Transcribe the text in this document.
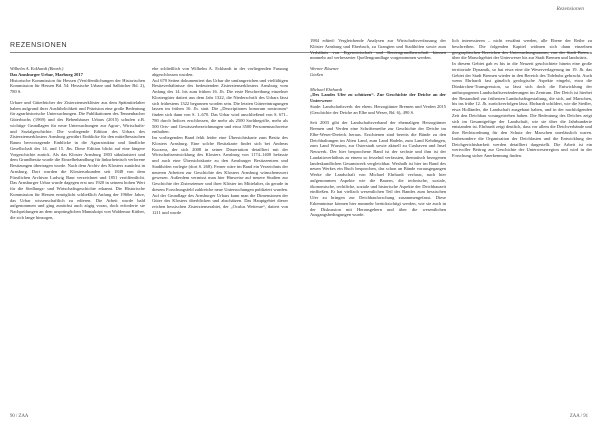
Rezensionen
REZENSIONEN
Wilhelm A. Eckhardt (Bearb.)
Das Amsburger Urbar, Marburg 2017
Historische Kommission für Hessen (Veröffentlichungen der Historischen Kommission für Hessen Bd. 54: Hessische Urbare und Salbücher Bd. 2), 780 S.
Urbare und Güterbücher der Zisterzienserklöster aus dem Spätmittelalter haben aufgrund ihrer Ausführlichkeit und Präzision eine große Bedeutung für agrarhistorische Untersuchungen. Die Publikationen des Tennenbacher Güterbuchs (1969) und des Bebenhäuser Urbars (2015) schufen z.B. wichtige Grundlagen für neue Untersuchungen zur Agrar-, Wirtschafts- und Sozialgeschichte. Die vorliegende Edition des Urbars des Zisterzienserklosters Arnsburg gewährt Einblicke für den mittelhessischen Raum bervorragende Einblicke in die Agrarstruktur und ländliche Gesellschaft des 14. und 15. Jhs. Diese Edition blickt auf eine längere Vorgeschichte zurück. Als das Kloster Arnsburg 1803 säkularisiert und dem Grundbesitz wurde die Einzelbehandlung für linksrheinisch verlorene Besitzungen übertragen wurde. Nach dem Archiv des Klosters zunächst in Arnsburg. Dort wurden die Klosterurkunden seit 1848 von dem Fürstlichen Archivar Ludwig Baur verzeichnet und 1851 veröffentlicht. Das Arnsburger Urbar wurde dagegen erst um 1920 in seinem hohen Wert für die Siedlungs- und Wirtschaftsgeschichte erkannt. Die Historische Kommission für Hessen ermöglicht schließlich Anfang der 1960er Jahre, das Urbar wissenschaftlich zu edieren. Die Arbeit wurde bald aufgenommen und ging zunächst auch zügig voran, doch erforderte sie Nachprüfungen an dem ursprünglichen Manuskript von Waldemar Küther, die sich lange hinzogen,
ehe schließlich von Wilhelm A. Eckhardt in der vorliegenden Fassung abgeschlossen wurden.
Auf 670 Seiten dokumentiert das Urbar die umfangreichen und vielfältigen Besitzverhältnisse des bedeutenden Zisterzienserklosters Arnsburg vom Anfang des 14. bis zum frühen 16. Jh. Die erste Beschreibung einzelner Klostergüter datiert aus dem Jahr 1322, die Niederschrift des Urbars lässt sich frühestens 1322 begonnen worden sein. Die letzten Gütereintragungen lassen im frühen 16. Jh. statt. Die „Descriptiones bonorum nostrorum“ finden sich dann von S. 1–670. Das Urbar wird anschließend von S. 671–780 durch Indices erschlossen, die mehr als 2500 Sachbegriffe, mehr als 500 Orts- und Gewässerbezeichnungen und etwa 3500 Personennachweise enthalten.
Im vorliegenden Band fehlt leider eine Übersichtskarte zum Besitz des Klosters Arnsburg. Eine solche Besitzkarte findet sich bei Andreas Kuczera, der sich 2008 in seiner Dissertation detailliert mit der Wirtschaftsentwicklung des Klosters Arnsburg von 1174–1400 befasste und auch eine Übersichtskarte zu den Arnsburger Besitzzentren und Stadthöfen vorlegte (dort S. 268). Ferner wäre im Band ein Verzeichnis der neueren Arbeiten zur Geschichte des Klosters Arnsburg wünschenswert gewesen. Außerdem vermisst man hier Hinweise auf neuere Studien zur Geschichte der Zisterzienser und ihrer Klöster im Mittelalter, da gerade in diesem Forschungsfeld zahlreiche neue Untersuchungen publiziert wurden. Auf der Grundlage des Arnsburger Urbars kann man die Dimensionen der Güter des Klosters überblicken und abschätzen. Das Hauptgebiet dieser reichen hessischen Zisterzienserabtei, der „Oculus Wetterae“, datiert von 1211 und wurde
1984 edited: Vergleichende Analysen zur Wirtschaftsverfassung der Klöster Arnsburg und Eberbach, zu Grangien und Stadthöfen sowie zum Verhältnis von Eigenwirtschaft und Rentengrundherrschaft können nunmehr auf verbesserter Quellengrundlage vorgenommen werden.
Werner Rösener
Gießen
Michael Ehrhardt
„Des Landes Ufer zu schützen“. Zur Geschichte der Deiche an der Unterweser
Stade: Landschaftsverb. der ehem. Herzogtümer Bremen und Verden 2015 (Geschichte der Deiche an Elbe und Weser, Bd. 6), 490 S.
Seit 2003 gibt der Landschaftsverband der ehemaligen Herzogtümer Bremen und Verden eine Schriftenreihe zur Geschichte der Deiche im Elbe-Weser-Dreieck heraus. Erschienen sind bereits die Bände zu den Deichhaltungen im Alten Land, zum Land Hadeln, zum Land Kehdingen, zum Land Wursten, zur Osterstadt sowie aktuell zu Cuxhaven und Insel Neuwerk. Der hier besprochene Band ist der sechste und ihm ist der Laudatioverhältnis zu einem so fesselnd verfassten, thematisch bezogenen landeskundlichen Gesamtwerk vergleichbar. Weshalb ist hier im Band des neuen Werkes ein Buch besprochen, das schon an Bände vorausgegangen Werke die Landschaft von Michael Ehrhardt verfasst, nach hier aufgenommen Aspekte wie die Bauern, die technische, soziale, ökonomische, rechtliche, soziale und historische Aspekte der Deichbauzeit einfließen. Er hat vielfach wesentlichen Teil des Bandes zum hessischen Ufer zu bringen zur Deichbauforschung zusammengefasst. Diese Erkenntnisse können hier nunmehr berücksichtigt werden, wie sie auch in der Diskussion mit Herausgebern und über die wesentlichen Ausgangsbedingungen wurde.
lich interessieren – nicht erwähnt werden, alle Ebene der Reihe zu beschreiben. Die folgenden Kapitel widmen sich dann einzelnen geographischen Bereichen des Untersuchungsraums, von der Stadt Bremen über die Marschgebiet der Unterweser bis zur Stadt Bremen und landwärts.
In diesem Gebiet gab es bis in die Neuzeit geschichtete hinein eine große territoriale Dynamik, so hat etwa eine die Weserverlagerung im 19. Jh. das Gebiet der Stadt Bremen wieder in den Bereich des Tidehubs gebracht. Auch wenn Ehrhardt fast gänzlich geologische Aspekte eingeht, etwa die Dünkirchen-Transgression, so lässt sich doch die Entwicklung der anthropogenen Landschaftsveränderungen im Zentrum. Der Deich ist hierbei der Bestandteil zur frühesten Landschaftsgestaltung, die sich, auf Marschen, bis ins frühe 12. Jh. zurückverfolgen lässt. Ehrhardt schildert, wie die Siedler, etwa Holländer, die Landschaft ausgebaut haben, und in der nachfolgenden Zeit den Deichbau vorangetrieben haben. Die Bedeutung des Deiches zeigt sich im Gesamtgefüge der Landschaft, wie sie über die Jahrhunderte entstanden ist. Ehrhardt zeigt deutlich, dass vor allem die Deichverbände und ihre Rechtsordnung für den Schutz der Marschen unerlässlich waren. Insbesondere die Organisation der Deichlasten und die Entwicklung der Deichgerichtsbarkeit werden detailliert dargestellt. Die Arbeit ist ein wertvoller Beitrag zur Geschichte der Unterweserregion und wird in der Forschung sicher Anerkennung finden.
90 / ZAA	ZAA / 91
